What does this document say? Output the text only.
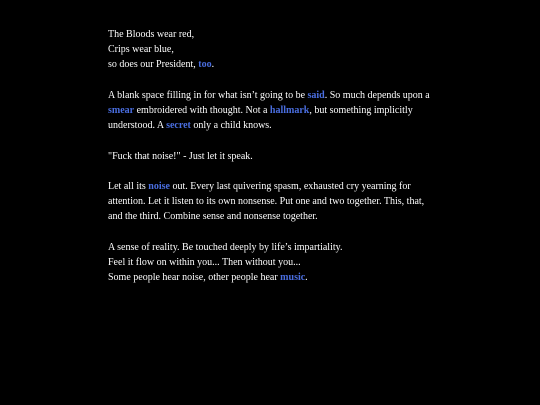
The Bloods wear red,
Crips wear blue,
so does our President, too.
A blank space filling in for what isn’t going to be said. So much depends upon a smear embroidered with thought. Not a hallmark, but something implicitly understood. A secret only a child knows.
"Fuck that noise!" - Just let it speak.
Let all its noise out. Every last quivering spasm, exhausted cry yearning for attention. Let it listen to its own nonsense. Put one and two together. This, that, and the third. Combine sense and nonsense together.
A sense of reality. Be touched deeply by life’s impartiality.
Feel it flow on within you... Then without you...
Some people hear noise, other people hear music.
